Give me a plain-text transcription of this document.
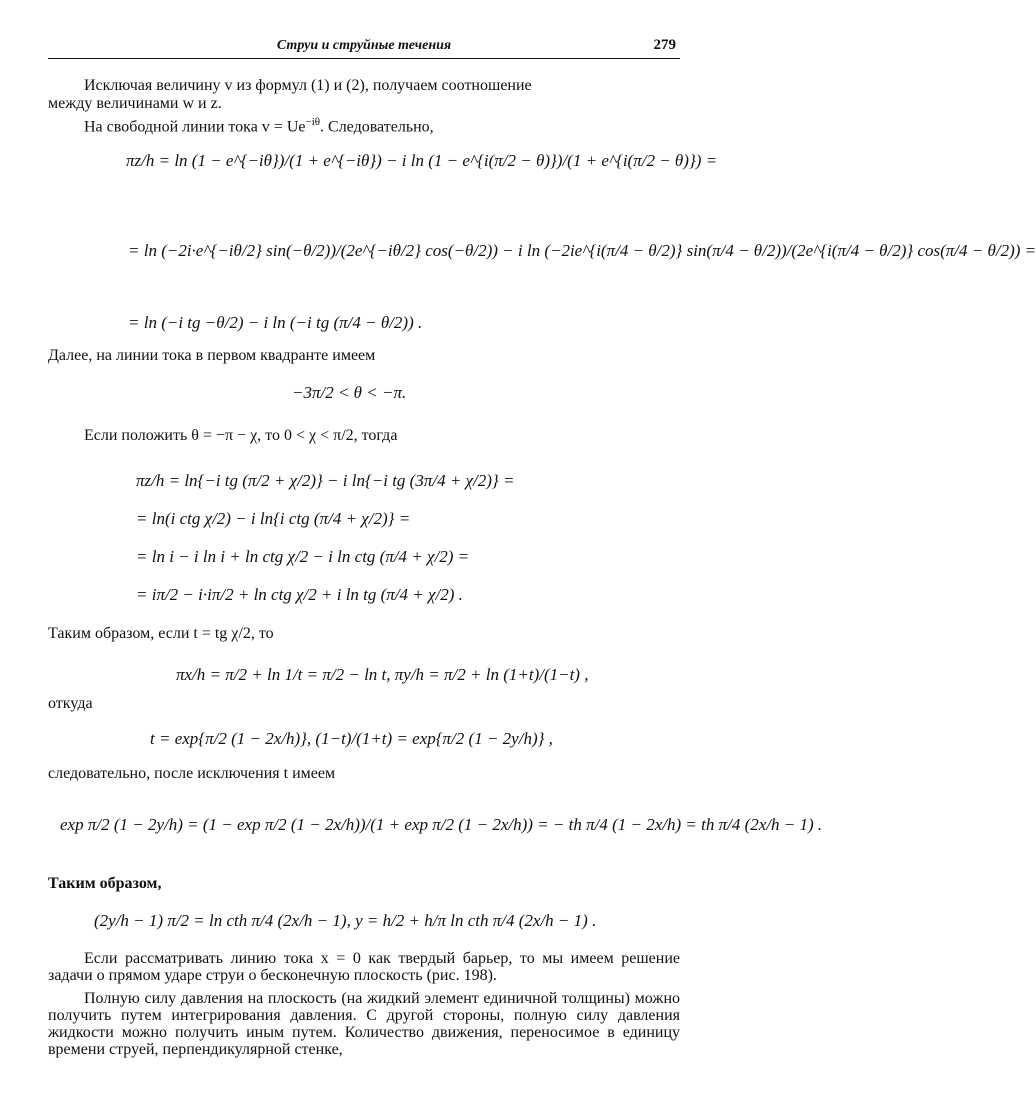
Струи и струйные течения	279
Исключая величину v из формул (1) и (2), получаем соотношение
между величинами w и z.
На свободной линии тока $v = Ue^{-i\theta}$. Следовательно,
πz/h = ln (1 − e^{−iθ})/(1 + e^{−iθ}) − i ln (1 − e^{i(π/2 − θ)})/(1 + e^{i(π/2 − θ)}) =
= ln (−2i·e^{−iθ/2} sin(−θ/2))/(2e^{−iθ/2} cos(−θ/2)) − i ln (−2ie^{i(π/4 − θ/2)} sin(π/4 − θ/2))/(2e^{i(π/4 − θ/2)} cos(π/4 − θ/2)) =
= ln (−i tg −θ/2) − i ln (−i tg (π/4 − θ/2)) .
Далее, на линии тока в первом квадранте имеем
−3π/2 < θ < −π.
Если положить θ = −π − χ, то 0 < χ < π/2, тогда
πz/h = ln{−i tg (π/2 + χ/2)} − i ln{−i tg (3π/4 + χ/2)} =
= ln(i ctg χ/2) − i ln{i ctg (π/4 + χ/2)} =
= ln i − i ln i + ln ctg χ/2 − i ln ctg (π/4 + χ/2) =
= iπ/2 − i·iπ/2 + ln ctg χ/2 + i ln tg (π/4 + χ/2) .
Таким образом, если t = tg χ/2, то
πx/h = π/2 + ln 1/t = π/2 − ln t, πy/h = π/2 + ln (1+t)/(1−t) ,
откуда
t = exp{π/2 (1 − 2x/h)}, (1−t)/(1+t) = exp{π/2 (1 − 2y/h)} ,
следовательно, после исключения t имеем
exp π/2 (1 − 2y/h) = (1 − exp π/2 (1 − 2x/h))/(1 + exp π/2 (1 − 2x/h)) = − th π/4 (1 − 2x/h) = th π/4 (2x/h − 1) .
Таким образом,
(2y/h − 1) π/2 = ln cth π/4 (2x/h − 1), y = h/2 + h/π ln cth π/4 (2x/h − 1) .

Если рассматривать линию тока x = 0 как твердый барьер, то мы имеем решение задачи о прямом ударе струи о бесконечную плоскость (рис. 198).

Полную силу давления на плоскость (на жидкий элемент единичной толщины) можно получить путем интегрирования давления. С другой стороны, полную силу давления жидкости можно получить иным путем. Количество движения, переносимое в единицу времени струей, перпендикулярной стенке,
